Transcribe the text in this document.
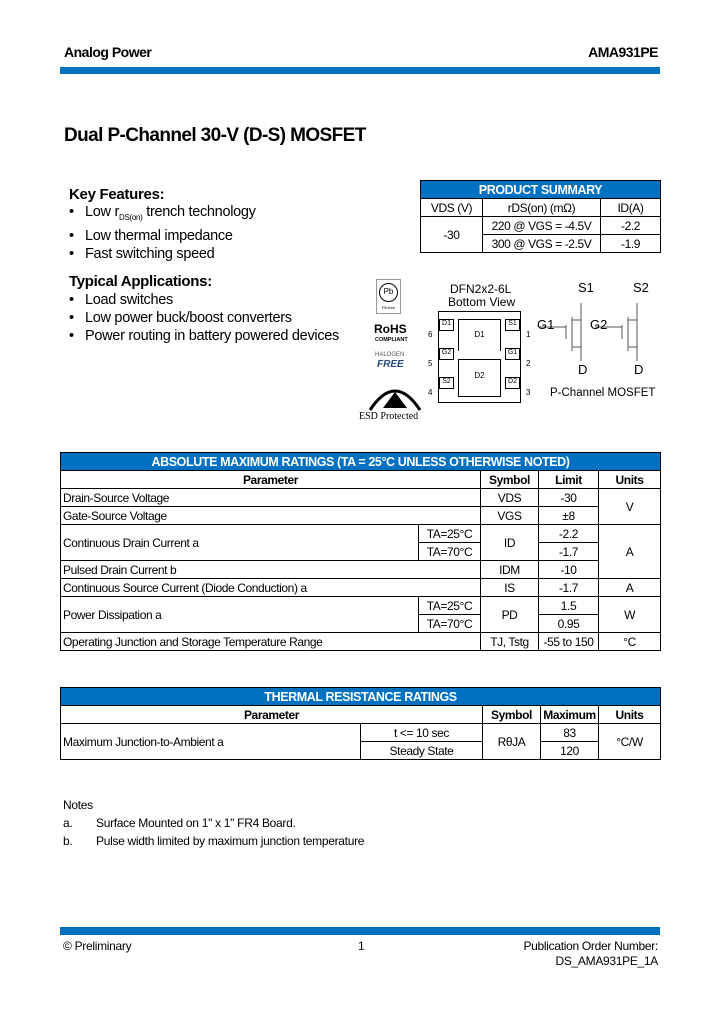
Analog Power	AMA931PE
Dual P-Channel 30-V (D-S) MOSFET
Key Features:
• Low $r_{DS(on)}$ trench technology
• Low thermal impedance
• Fast switching speed
Typical Applications:
• Load switches
• Low power buck/boost converters
• Power routing in battery powered devices
PRODUCT SUMMARY		
VDS (V)	rDS(on) (mΩ)	ID(A)
-30	220 @ VGS = -4.5V	-2.2
	300 @ VGS = -2.5V	-1.9
Pb
Pb-free
RoHS
COMPLIANT
HALOGEN
FREE
ESD Protected
DFN2x2-6L
Bottom View
D1
D2
D1
G2
S2
S1
G1
D2
6
5
4
1
2
3
S1	S2
G1	G2
D	D
P-Channel MOSFET
ABSOLUTE MAXIMUM RATINGS (TA = 25°C UNLESS OTHERWISE NOTED)				
Parameter		Symbol	Limit	Units
Drain-Source Voltage		VDS	-30	V
Gate-Source Voltage		VGS	±8	
Continuous Drain Current a	TA=25°C	ID	-2.2	A
	TA=70°C		-1.7	
Pulsed Drain Current b		IDM	-10	
Continuous Source Current (Diode Conduction) a		IS	-1.7	A
Power Dissipation a	TA=25°C	PD	1.5	W
	TA=70°C		0.95	
Operating Junction and Storage Temperature Range		TJ, Tstg	-55 to 150	°C
THERMAL RESISTANCE RATINGS				
Parameter		Symbol	Maximum	Units
Maximum Junction-to-Ambient a	t <= 10 sec	RθJA	83	°C/W
	Steady State		120	
Notes
a. Surface Mounted on 1" x 1" FR4 Board.
b. Pulse width limited by maximum junction temperature
© Preliminary	1	Publication Order Number:
DS_AMA931PE_1A
